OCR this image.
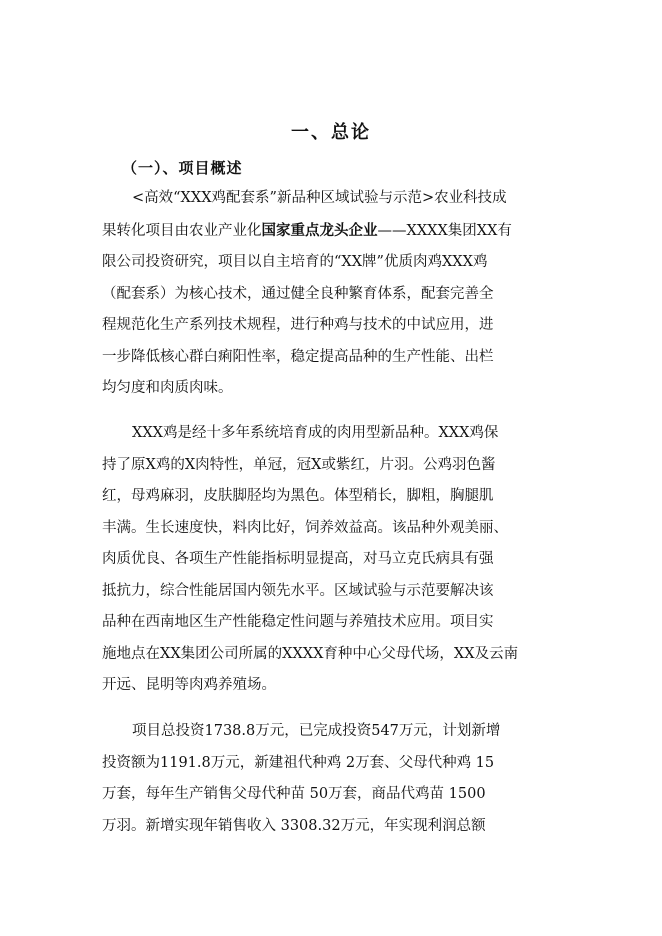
一、总论
（一）、项目概述
<高效“XXX鸡配套系”新品种区域试验与示范>农业科技成
果转化项目由农业产业化国家重点龙头企业——XXXX集团XX有
限公司投资研究，项目以自主培育的“XX牌”优质肉鸡XXX鸡
（配套系）为核心技术，通过健全良种繁育体系，配套完善全
程规范化生产系列技术规程，进行种鸡与技术的中试应用，进
一步降低核心群白痢阳性率，稳定提高品种的生产性能、出栏
均匀度和肉质肉味。
XXX鸡是经十多年系统培育成的肉用型新品种。XXX鸡保
持了原X鸡的X肉特性，单冠，冠X或紫红，片羽。公鸡羽色酱
红，母鸡麻羽，皮肤脚胫均为黑色。体型稍长，脚粗，胸腿肌
丰满。生长速度快，料肉比好，饲养效益高。该品种外观美丽、
肉质优良、各项生产性能指标明显提高，对马立克氏病具有强
抵抗力，综合性能居国内领先水平。区域试验与示范要解决该
品种在西南地区生产性能稳定性问题与养殖技术应用。项目实
施地点在XX集团公司所属的XXXX育种中心父母代场，XX及云南
开远、昆明等肉鸡养殖场。
项目总投资1738.8万元，已完成投资547万元，计划新增
投资额为1191.8万元，新建祖代种鸡 2万套、父母代种鸡 15
万套，每年生产销售父母代种苗 50万套，商品代鸡苗 1500
万羽。新增实现年销售收入 3308.32万元，年实现利润总额
